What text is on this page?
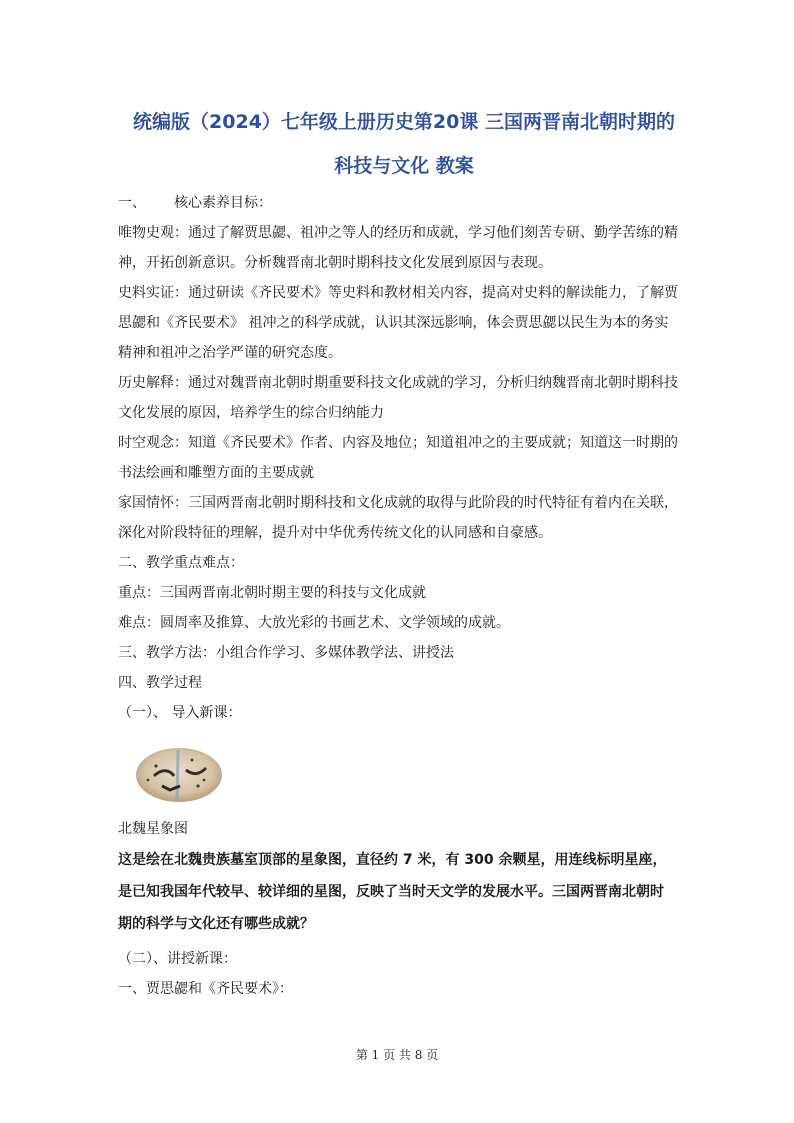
统编版（2024）七年级上册历史第20课 三国两晋南北朝时期的

科技与文化 教案

一、	核心素养目标：

唯物史观：通过了解贾思勰、祖冲之等人的经历和成就，学习他们刻苦专研、勤学苦练的精

神，开拓创新意识。分析魏晋南北朝时期科技文化发展到原因与表现。

史料实证：通过研读《齐民要术》等史料和教材相关内容，提高对史料的解读能力，了解贾

思勰和《齐民要术》 祖冲之的科学成就，认识其深远影响，体会贾思勰以民生为本的务实

精神和祖冲之治学严谨的研究态度。

历史解释：通过对魏晋南北朝时期重要科技文化成就的学习，分析归纳魏晋南北朝时期科技

文化发展的原因，培养学生的综合归纳能力

时空观念：知道《齐民要术》作者、内容及地位；知道祖冲之的主要成就；知道这一时期的

书法绘画和雕塑方面的主要成就

家国情怀：三国两晋南北朝时期科技和文化成就的取得与此阶段的时代特征有着内在关联，

深化对阶段特征的理解，提升对中华优秀传统文化的认同感和自豪感。

二、教学重点难点：

重点：三国两晋南北朝时期主要的科技与文化成就

难点：圆周率及推算、大放光彩的书画艺术、文学领域的成就。

三、教学方法：小组合作学习、多媒体教学法、讲授法

四、教学过程

（一）、 导入新课：

北魏星象图

这是绘在北魏贵族墓室顶部的星象图，直径约 7 米，有 300 余颗星，用连线标明星座，

是已知我国年代较早、较详细的星图，反映了当时天文学的发展水平。三国两晋南北朝时

期的科学与文化还有哪些成就？

（二）、讲授新课：

一、贾思勰和《齐民要术》：

第 1 页 共 8 页
